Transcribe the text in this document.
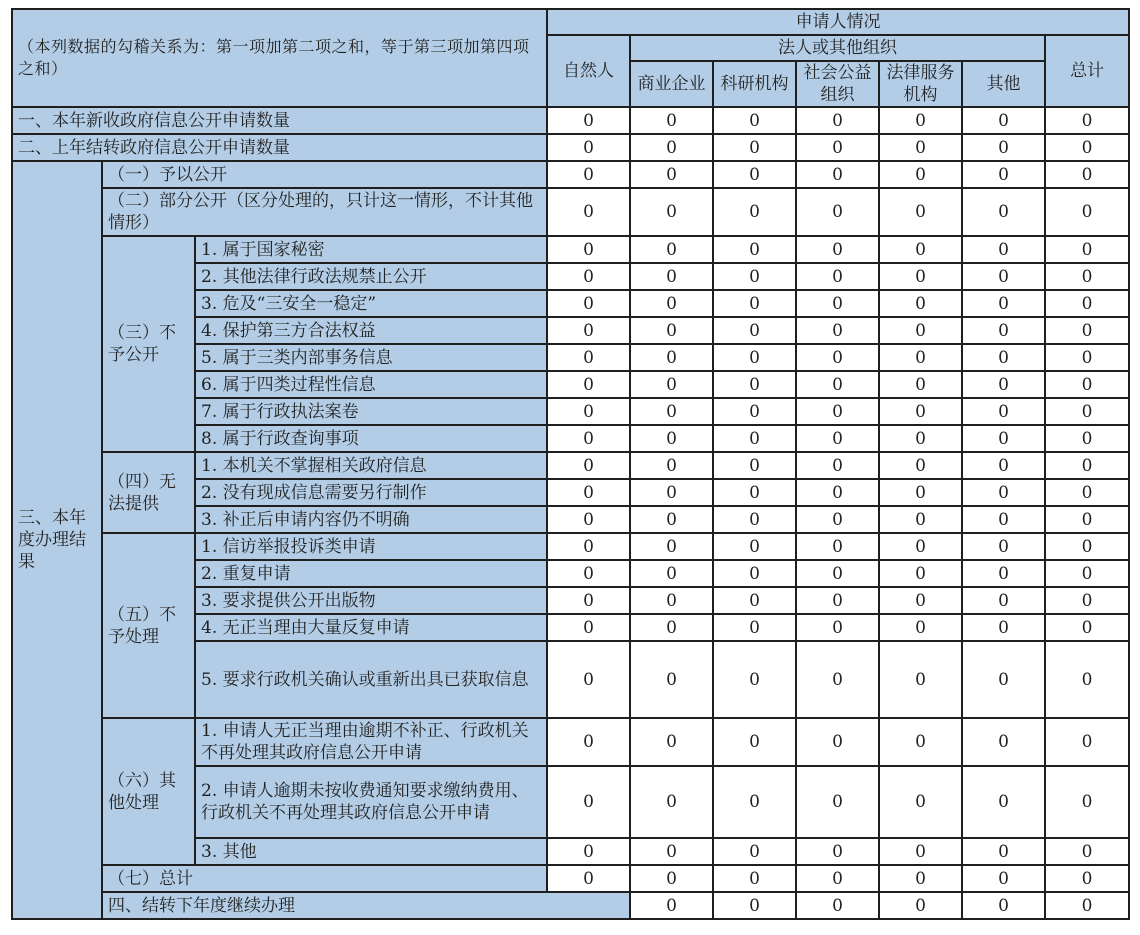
（本列数据的勾稽关系为：第一项加第二项之和，等于第三项加第四项之和）			申请人情况							
			自然人	法人或其他组织					总计	
				商业企业	科研机构	社会公益组织	法律服务机构	其他		
一、本年新收政府信息公开申请数量			0	0	0	0	0	0	0	
二、上年结转政府信息公开申请数量			0	0	0	0	0	0	0	
三、本年度办理结果	（一）予以公开		0	0	0	0	0	0	0	
	（二）部分公开（区分处理的，只计这一情形，不计其他情形）		0	0	0	0	0	0	0	
	（三）不予公开	1. 属于国家秘密	0	0	0	0	0	0	0	
		2. 其他法律行政法规禁止公开	0	0	0	0	0	0	0	
		3. 危及“三安全一稳定”	0	0	0	0	0	0	0	
		4. 保护第三方合法权益	0	0	0	0	0	0	0	
		5. 属于三类内部事务信息	0	0	0	0	0	0	0	
		6. 属于四类过程性信息	0	0	0	0	0	0	0	
		7. 属于行政执法案卷	0	0	0	0	0	0	0	
		8. 属于行政查询事项	0	0	0	0	0	0	0	
	（四）无法提供	1. 本机关不掌握相关政府信息	0	0	0	0	0	0	0	
		2. 没有现成信息需要另行制作	0	0	0	0	0	0	0	
		3. 补正后申请内容仍不明确	0	0	0	0	0	0	0	
	（五）不予处理	1. 信访举报投诉类申请	0	0	0	0	0	0	0	
		2. 重复申请	0	0	0	0	0	0	0	
		3. 要求提供公开出版物	0	0	0	0	0	0	0	
		4. 无正当理由大量反复申请	0	0	0	0	0	0	0	
		5. 要求行政机关确认或重新出具已获取信息	0	0	0	0	0	0	0	
	（六）其他处理	1. 申请人无正当理由逾期不补正、行政机关不再处理其政府信息公开申请	0	0	0	0	0	0	0	
		2. 申请人逾期未按收费通知要求缴纳费用、行政机关不再处理其政府信息公开申请	0	0	0	0	0	0	0	
		3. 其他	0	0	0	0	0	0	0	
	（七）总计		0	0	0	0	0	0	0	
	四、结转下年度继续办理			0	0	0	0	0	0	
